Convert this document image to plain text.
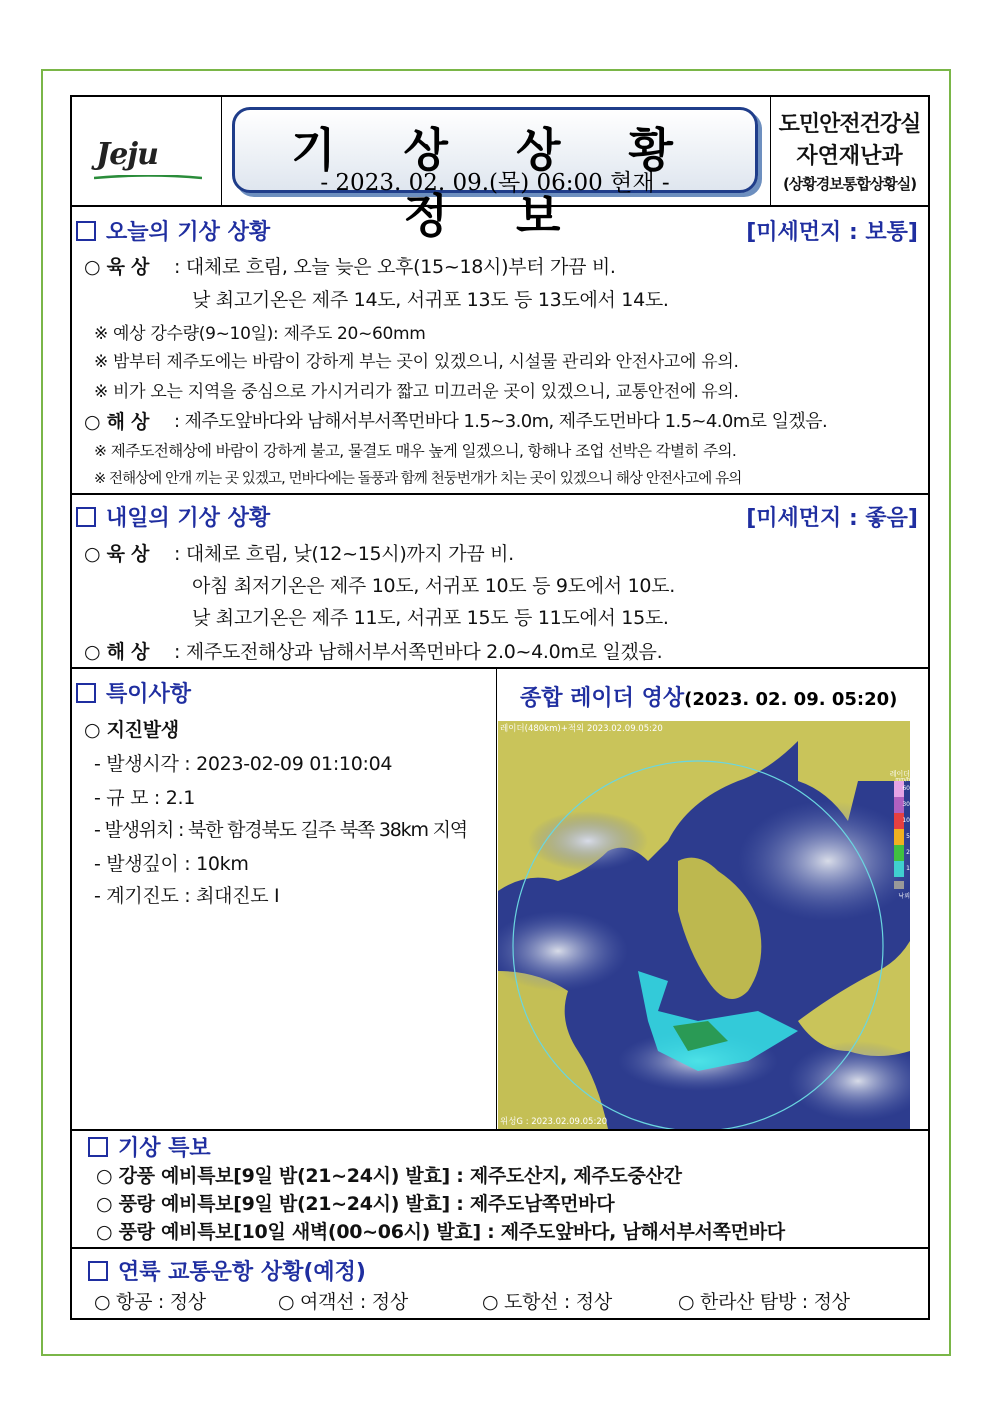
Jeju	기 상 상 황 정 보
- 2023. 02. 09.(목) 06:00 현재 -
도민안전건강실
자연재난과
(상황경보통합상황실)
오늘의 기상 상황	[미세먼지 : 보통]
○ 육 상 : 대체로 흐림, 오늘 늦은 오후(15~18시)부터 가끔 비.
낮 최고기온은 제주 14도, 서귀포 13도 등 13도에서 14도.
※ 예상 강수량(9~10일): 제주도 20~60mm
※ 밤부터 제주도에는 바람이 강하게 부는 곳이 있겠으니, 시설물 관리와 안전사고에 유의.
※ 비가 오는 지역을 중심으로 가시거리가 짧고 미끄러운 곳이 있겠으니, 교통안전에 유의.
○ 해 상 : 제주도앞바다와 남해서부서쪽먼바다 1.5~3.0m, 제주도먼바다 1.5~4.0m로 일겠음.
※ 제주도전해상에 바람이 강하게 불고, 물결도 매우 높게 일겠으니, 항해나 조업 선박은 각별히 주의.
※ 전해상에 안개 끼는 곳 있겠고, 먼바다에는 돌풍과 함께 천둥번개가 치는 곳이 있겠으니 해상 안전사고에 유의
내일의 기상 상황	[미세먼지 : 좋음]
○ 육 상 : 대체로 흐림, 낮(12~15시)까지 가끔 비.
아침 최저기온은 제주 10도, 서귀포 10도 등 9도에서 10도.
낮 최고기온은 제주 11도, 서귀포 15도 등 11도에서 15도.
○ 해 상 : 제주도전해상과 남해서부서쪽먼바다 2.0~4.0m로 일겠음.
특이사항
○ 지진발생
- 발생시각 : 2023-02-09 01:10:04
- 규 모 : 2.1
- 발생위치 : 북한 함경북도 길주 북쪽 38km 지역
- 발생깊이 : 10km
- 계기진도 : 최대진도 Ⅰ
종합 레이더 영상(2023. 02. 09. 05:20)
레이더(480km)+적외 2023.02.09.05:20
위성G : 2023.02.09.05:20
레이더
mm/h
60
30
10
5
2
1
낙뢰
기상 특보
○ 강풍 예비특보[9일 밤(21~24시) 발효] : 제주도산지, 제주도중산간
○ 풍랑 예비특보[9일 밤(21~24시) 발효] : 제주도남쪽먼바다
○ 풍랑 예비특보[10일 새벽(00~06시) 발효] : 제주도앞바다, 남해서부서쪽먼바다
연륙 교통운항 상황(예정)
○ 항공 : 정상	○ 여객선 : 정상	○ 도항선 : 정상	○ 한라산 탐방 : 정상
